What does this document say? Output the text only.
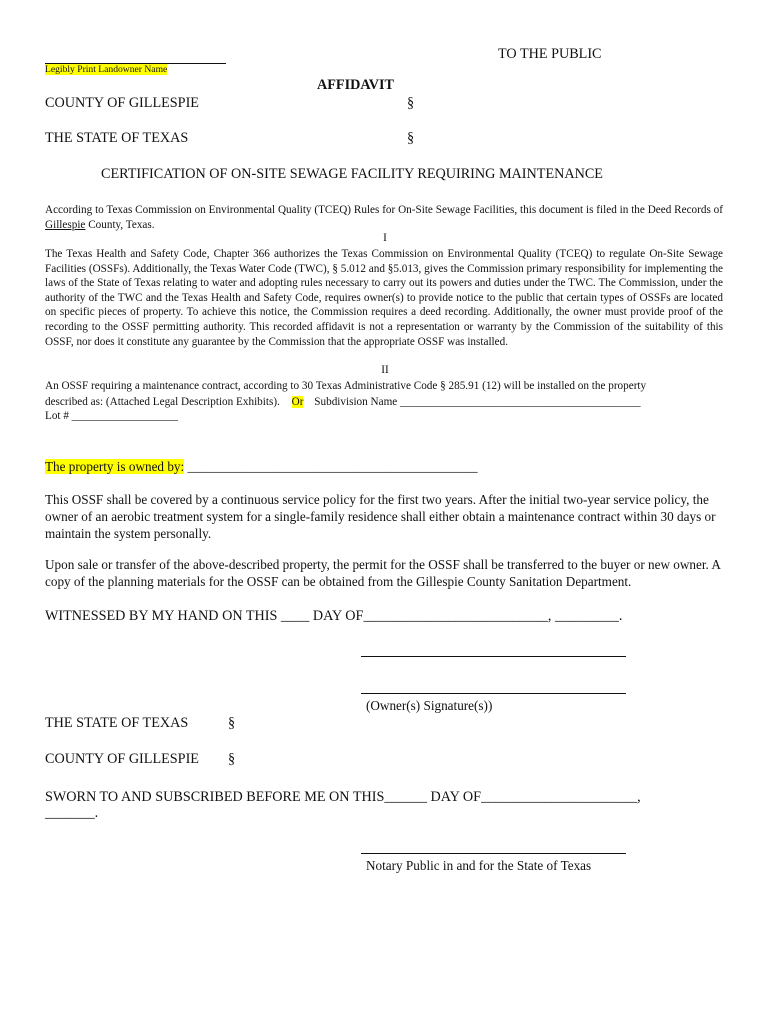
Legibly Print Landowner Name
TO THE PUBLIC
AFFIDAVIT
COUNTY OF GILLESPIE	§
THE STATE OF TEXAS	§
CERTIFICATION OF ON-SITE SEWAGE FACILITY REQUIRING MAINTENANCE
According to Texas Commission on Environmental Quality (TCEQ) Rules for On-Site Sewage Facilities, this document is filed in the Deed Records of Gillespie County, Texas.
I
The Texas Health and Safety Code, Chapter 366 authorizes the Texas Commission on Environmental Quality (TCEQ) to regulate On-Site Sewage Facilities (OSSFs). Additionally, the Texas Water Code (TWC), § 5.012 and §5.013, gives the Commission primary responsibility for implementing the laws of the State of Texas relating to water and adopting rules necessary to carry out its powers and duties under the TWC. The Commission, under the authority of the TWC and the Texas Health and Safety Code, requires owner(s) to provide notice to the public that certain types of OSSFs are located on specific pieces of property. To achieve this notice, the Commission requires a deed recording. Additionally, the owner must provide proof of the recording to the OSSF permitting authority. This recorded affidavit is not a representation or warranty by the Commission of the suitability of this OSSF, nor does it constitute any guarantee by the Commission that the appropriate OSSF was installed.
II
An OSSF requiring a maintenance contract, according to 30 Texas Administrative Code § 285.91 (12) will be installed on the property
described as: (Attached Legal Description Exhibits). Or Subdivision Name ___________________________________________
Lot # ___________________
The property is owned by: ____________________________________________
This OSSF shall be covered by a continuous service policy for the first two years. After the initial two-year service policy, the owner of an aerobic treatment system for a single-family residence shall either obtain a maintenance contract within 30 days or maintain the system personally.
Upon sale or transfer of the above-described property, the permit for the OSSF shall be transferred to the buyer or new owner. A copy of the planning materials for the OSSF can be obtained from the Gillespie County Sanitation Department.
WITNESSED BY MY HAND ON THIS ____ DAY OF__________________________, _________.
(Owner(s) Signature(s))
THE STATE OF TEXAS	§
COUNTY OF GILLESPIE §
SWORN TO AND SUBSCRIBED BEFORE ME ON THIS______ DAY OF______________________,
_______.
Notary Public in and for the State of Texas
